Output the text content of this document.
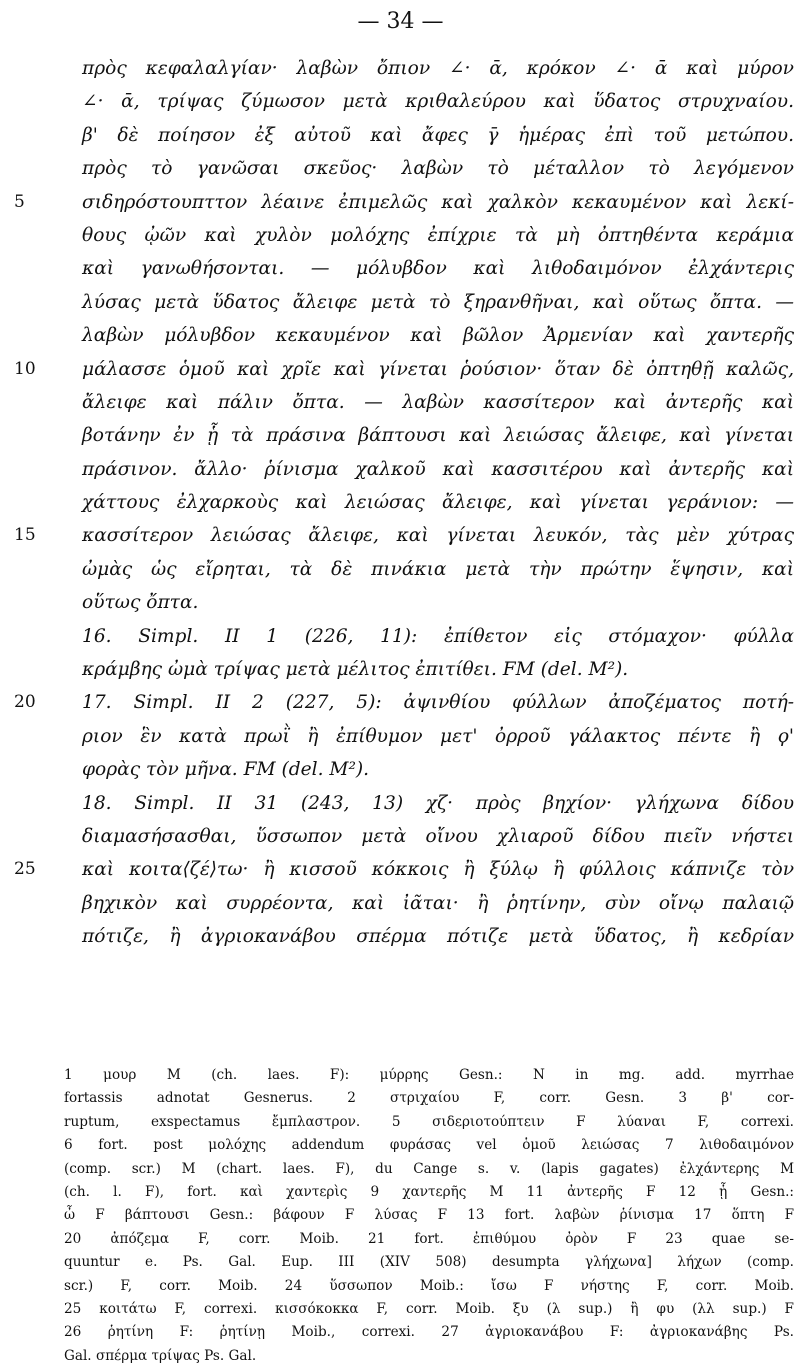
— 34 —
πρὸς κεφαλαλγίαν· λαβὼν ὄπιον ∠· ᾱ, κρόκον ∠· ᾱ καὶ μύρον
∠· ᾱ, τρίψας ζύμωσον μετὰ κριθαλεύρου καὶ ὕδατος στρυχναίου.
β' δὲ ποίησον ἐξ αὐτοῦ καὶ ἄφες γ̄ ἡμέρας ἐπὶ τοῦ μετώπου.
πρὸς τὸ γανῶσαι σκεῦος· λαβὼν τὸ μέταλλον τὸ λεγόμενον
5	σιδηρόστουπττον λέαινε ἐπιμελῶς καὶ χαλκὸν κεκαυμένον καὶ λεκί-
θους ᾠῶν καὶ χυλὸν μολόχης ἐπίχριε τὰ μὴ ὀπτηθέντα κεράμια
καὶ γανωθήσονται. — μόλυβδον καὶ λιθοδαιμόνον ἐλχάντερις
λύσας μετὰ ὕδατος ἄλειφε μετὰ τὸ ξηρανθῆναι, καὶ οὕτως ὄπτα. —
λαβὼν μόλυβδον κεκαυμένον καὶ βῶλον Ἀρμενίαν καὶ χαντερῆς
10	μάλασσε ὁμοῦ καὶ χρῖε καὶ γίνεται ῥούσιον· ὅταν δὲ ὀπτηθῇ καλῶς,
ἄλειφε καὶ πάλιν ὄπτα. — λαβὼν κασσίτερον καὶ ἀντερῆς καὶ
βοτάνην ἐν ᾗ τὰ πράσινα βάπτουσι καὶ λειώσας ἄλειφε, καὶ γίνεται
πράσινον. ἄλλο· ῥίνισμα χαλκοῦ καὶ κασσιτέρου καὶ ἀντερῆς καὶ
χάττους ἐλχαρκοὺς καὶ λειώσας ἄλειφε, καὶ γίνεται γεράνιον: —
15	κασσίτερον λειώσας ἄλειφε, καὶ γίνεται λευκόν, τὰς μὲν χύτρας
ὠμὰς ὡς εἴρηται, τὰ δὲ πινάκια μετὰ τὴν πρώτην ἕψησιν, καὶ
οὕτως ὄπτα.
16. Simpl. II 1 (226, 11): ἐπίθετον εἰς στόμαχον· φύλλα
κράμβης ὠμὰ τρίψας μετὰ μέλιτος ἐπιτίθει. FM (del. M²).
20	17. Simpl. II 2 (227, 5): ἀψινθίου φύλλων ἀποζέματος ποτή-
ριον ἓν κατὰ πρωῒ ἢ ἐπίθυμον μετ' ὀρροῦ γάλακτος πέντε ἢ ϙ'
φορὰς τὸν μῆνα. FM (del. M²).
18. Simpl. II 31 (243, 13) χζ· πρὸς βηχίον· γλήχωνα δίδου
διαμασήσασθαι, ὕσσωπον μετὰ οἴνου χλιαροῦ δίδου πιεῖν νήστει
25	καὶ κοιτα⟨ζέ⟩τω· ἢ κισσοῦ κόκκοις ἢ ξύλῳ ἢ φύλλοις κάπνιζε τὸν
βηχικὸν καὶ συρρέοντα, καὶ ἰᾶται· ἢ ῥητίνην, σὺν οἴνῳ παλαιῷ
πότιζε, ἢ ἀγριοκανάβου σπέρμα πότιζε μετὰ ὕδατος, ἢ κεδρίαν
1 μουρ M (ch. laes. F): μύρρης Gesn.: N in mg. add. myrrhae
fortassis adnotat Gesnerus. 2 στριχαίου F, corr. Gesn. 3 β' cor-
ruptum, exspectamus ἔμπλαστρον. 5 σιδεριοτούπτειν F λύαναι F, correxi.
6 fort. post μολόχης addendum φυράσας vel ὁμοῦ λειώσας 7 λιθοδαιμόνον
(comp. scr.) M (chart. laes. F), du Cange s. v. (lapis gagates) ἐλχάντερης M
(ch. l. F), fort. καὶ χαντερὶς 9 χαντερῆς M 11 ἀντερῆς F 12 ᾗ Gesn.:
ὦ F βάπτουσι Gesn.: βάφουν F λύσας F 13 fort. λαβὼν ῥίνισμα 17 ὅπτη F
20 ἀπόζεμα F, corr. Moib. 21 fort. ἐπιθύμου ὀρὸν F 23 quae se-
quuntur e. Ps. Gal. Eup. III (XIV 508) desumpta γλήχωνα] λήχων (comp.
scr.) F, corr. Moib. 24 ὕσσωπον Moib.: ἴσω F νήστης F, corr. Moib.
25 κοιτάτω F, correxi. κισσόκοκκα F, corr. Moib. ξυ (λ sup.) ἢ φυ (λλ sup.) F
26 ῥητίνη F: ῥητίνῃ Moib., correxi. 27 ἀγριοκανάβου F: ἀγριοκανάβης Ps.
Gal. σπέρμα τρίψας Ps. Gal.
